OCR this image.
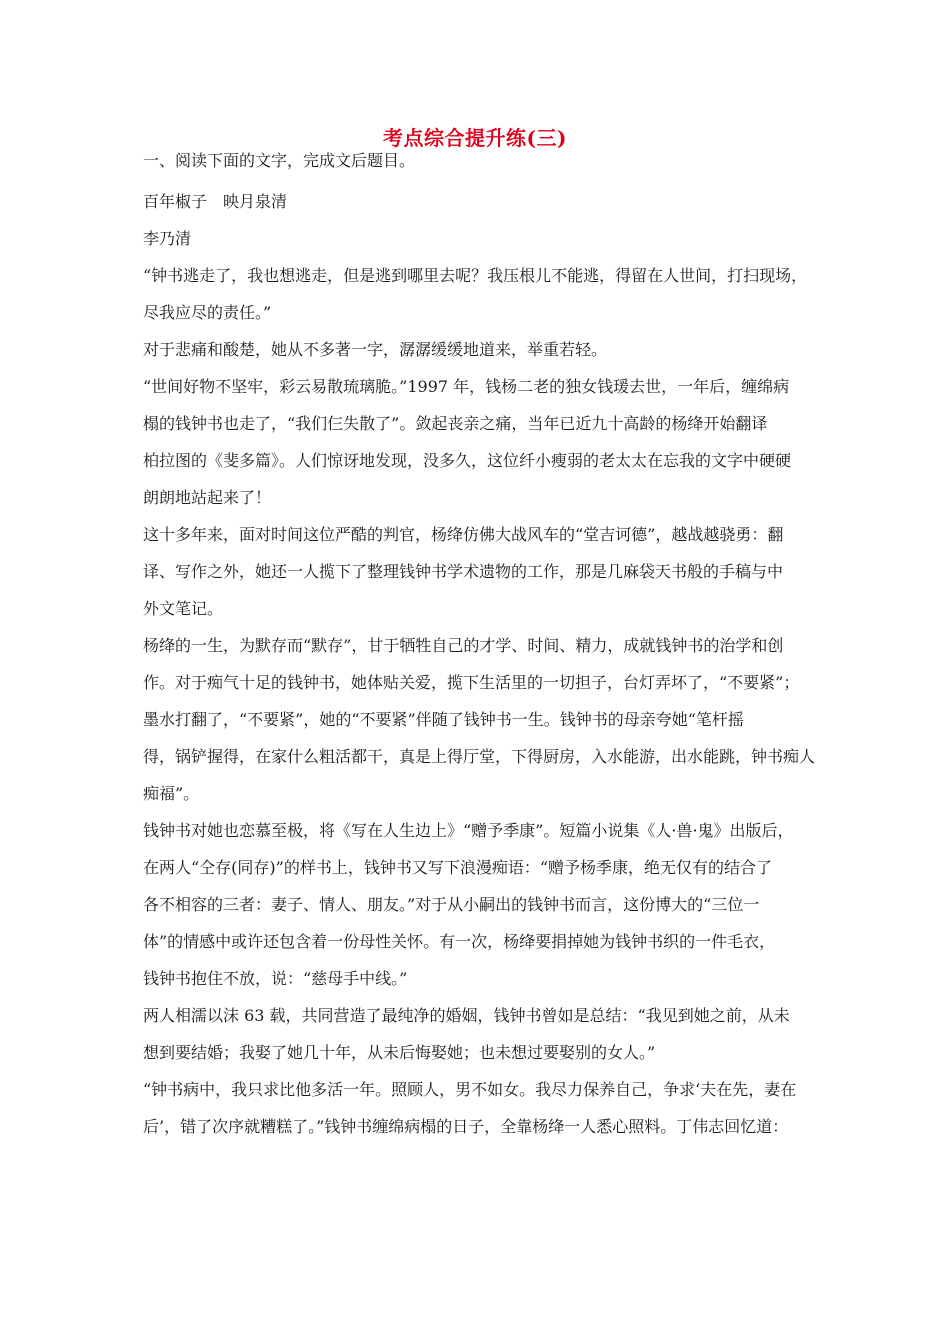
考点综合提升练(三)

一、阅读下面的文字，完成文后题目。

百年椒子　映月泉清

李乃清

“钟书逃走了，我也想逃走，但是逃到哪里去呢？我压根儿不能逃，得留在人世间，打扫现场，
尽我应尽的责任。”

对于悲痛和酸楚，她从不多著一字，潺潺缓缓地道来，举重若轻。

“世间好物不坚牢，彩云易散琉璃脆。”1997 年，钱杨二老的独女钱瑗去世，一年后，缠绵病
榻的钱钟书也走了，“我们仨失散了”。敛起丧亲之痛，当年已近九十高龄的杨绛开始翻译
柏拉图的《斐多篇》。人们惊讶地发现，没多久，这位纤小瘦弱的老太太在忘我的文字中硬硬
朗朗地站起来了！

这十多年来，面对时间这位严酷的判官，杨绛仿佛大战风车的“堂吉诃德”，越战越骁勇：翻
译、写作之外，她还一人揽下了整理钱钟书学术遗物的工作，那是几麻袋天书般的手稿与中
外文笔记。

杨绛的一生，为默存而“默存”，甘于牺牲自己的才学、时间、精力，成就钱钟书的治学和创
作。对于痴气十足的钱钟书，她体贴关爱，揽下生活里的一切担子，台灯弄坏了，“不要紧”；
墨水打翻了，“不要紧”，她的“不要紧”伴随了钱钟书一生。钱钟书的母亲夸她“笔杆摇
得，锅铲握得，在家什么粗活都干，真是上得厅堂，下得厨房，入水能游，出水能跳，钟书痴人
痴福”。

钱钟书对她也恋慕至极，将《写在人生边上》“赠予季康”。短篇小说集《人·兽·鬼》出版后，
在两人“仝存(同存)”的样书上，钱钟书又写下浪漫痴语：“赠予杨季康，绝无仅有的结合了
各不相容的三者：妻子、情人、朋友。”对于从小嗣出的钱钟书而言，这份博大的“三位一
体”的情感中或许还包含着一份母性关怀。有一次，杨绛要捐掉她为钱钟书织的一件毛衣，
钱钟书抱住不放，说：“慈母手中线。”

两人相濡以沫 63 载，共同营造了最纯净的婚姻，钱钟书曾如是总结：“我见到她之前，从未
想到要结婚；我娶了她几十年，从未后悔娶她；也未想过要娶别的女人。”

“钟书病中，我只求比他多活一年。照顾人，男不如女。我尽力保养自己，争求‘夫在先，妻在
后’，错了次序就糟糕了。”钱钟书缠绵病榻的日子，全靠杨绛一人悉心照料。丁伟志回忆道：
